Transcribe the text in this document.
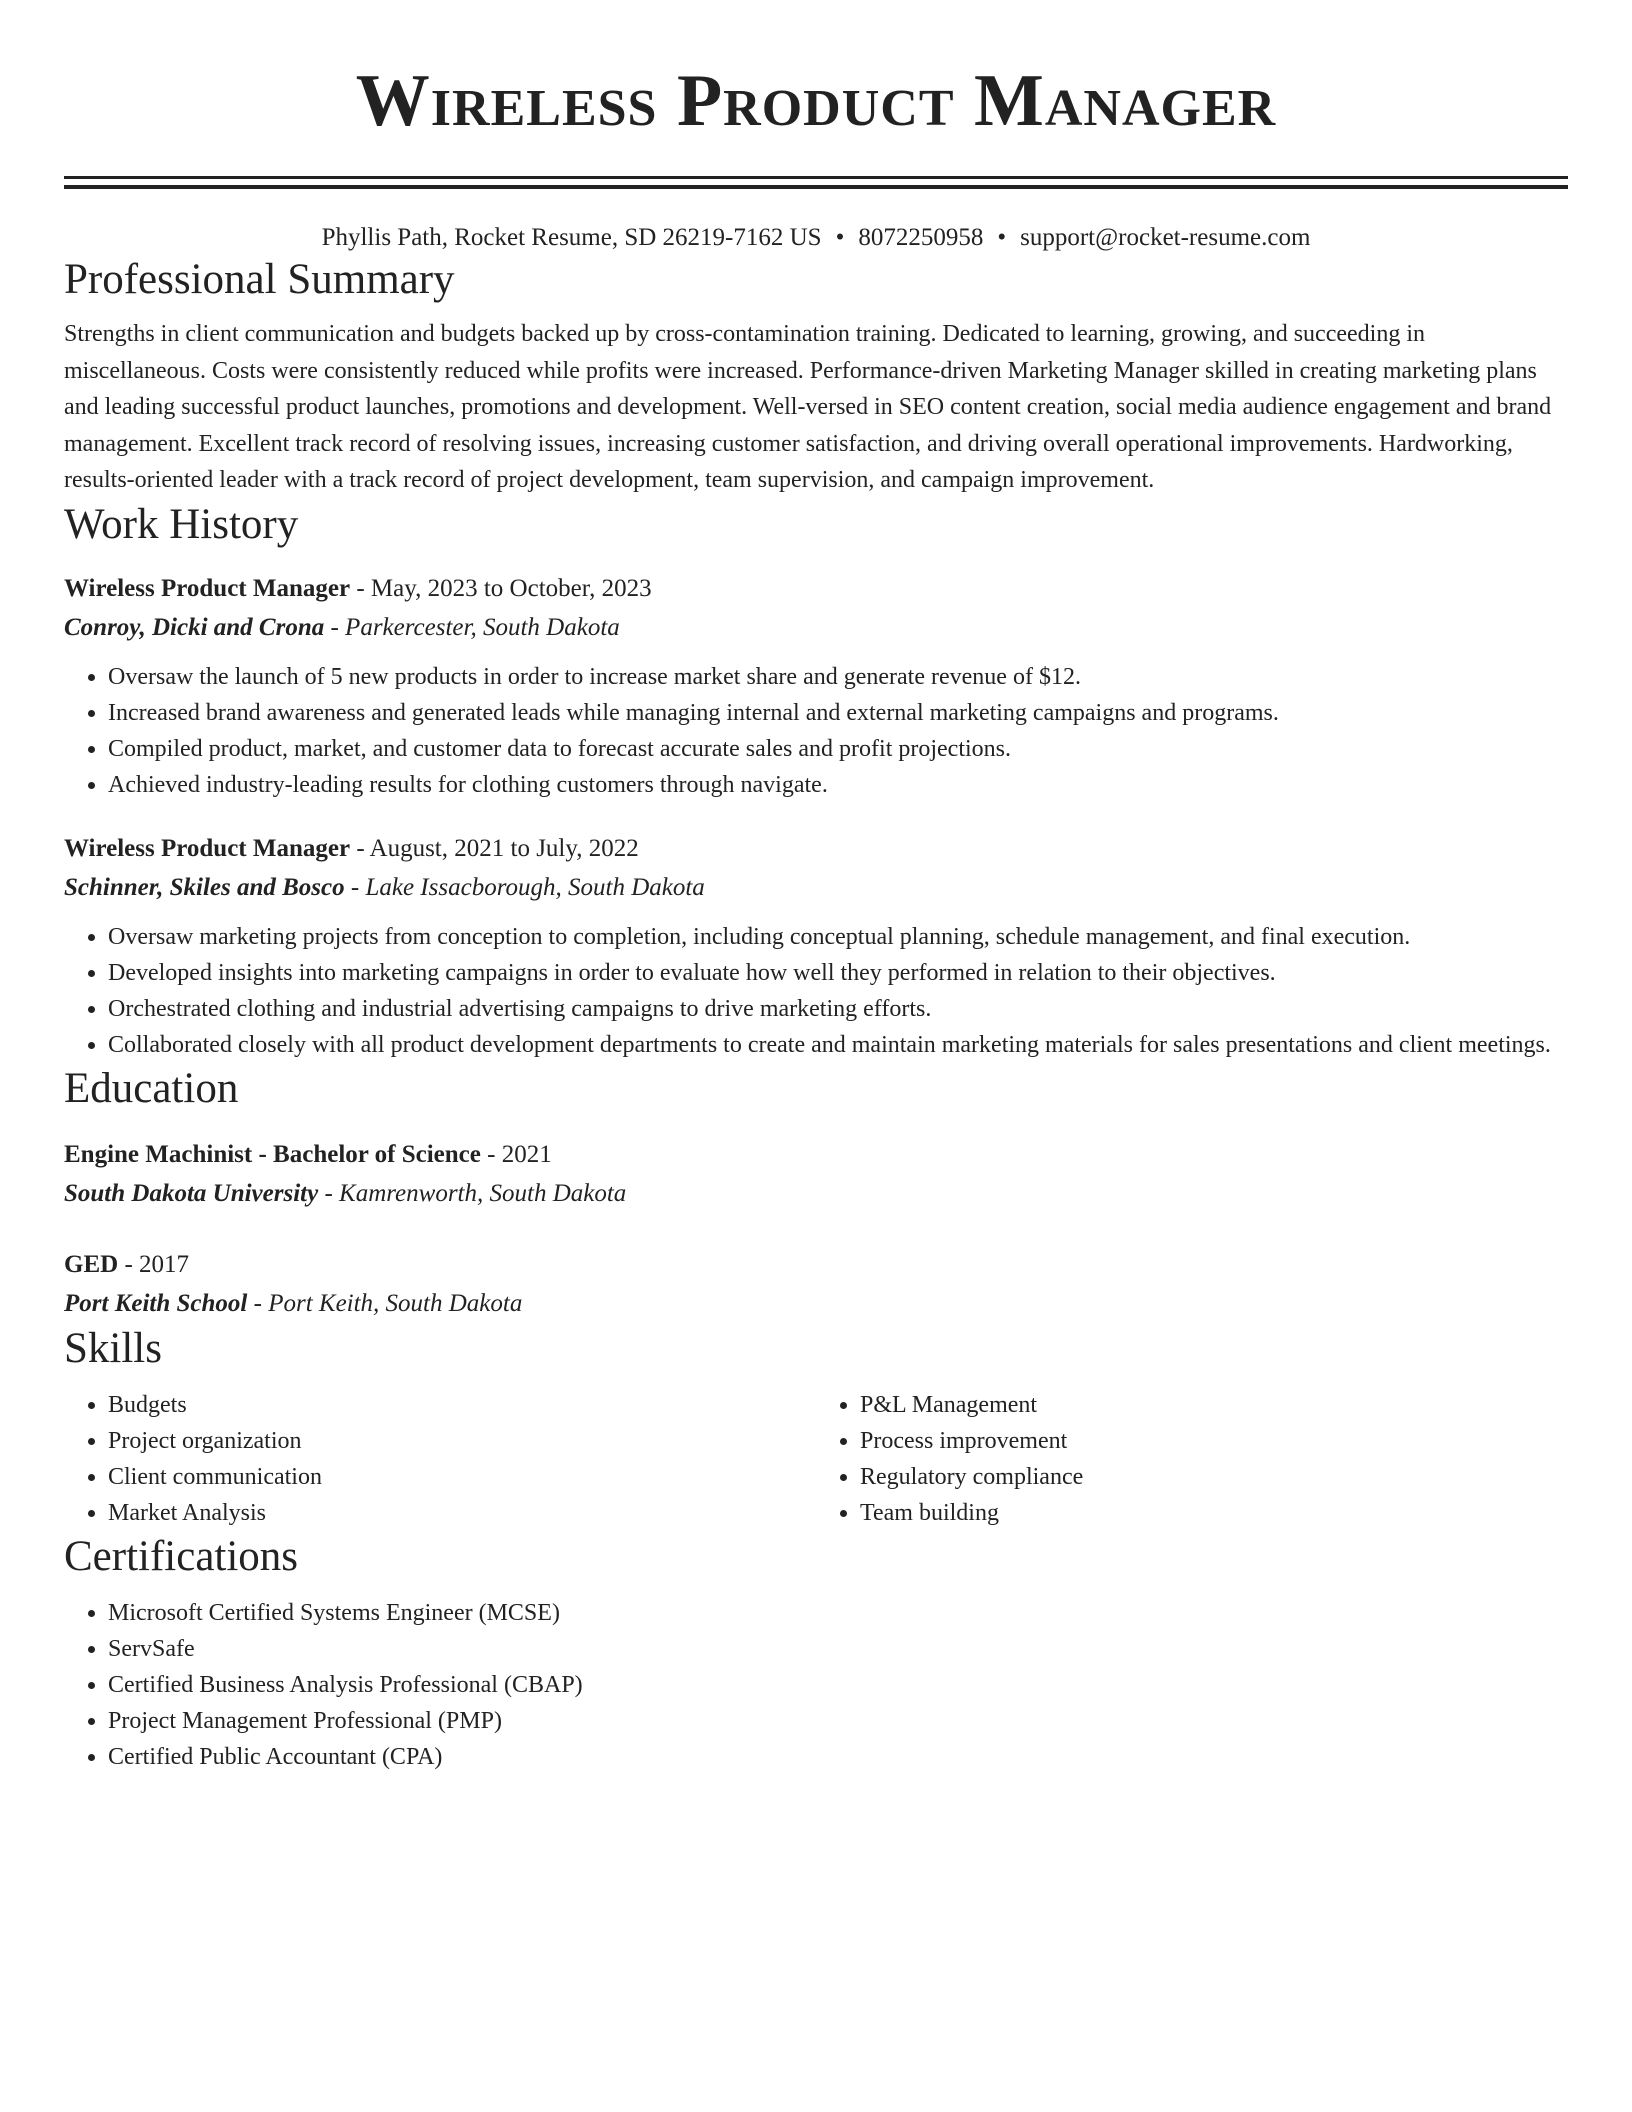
Wireless Product Manager
Phyllis Path, Rocket Resume, SD 26219-7162 US • 8072250958 • support@rocket-resume.com
Professional Summary
Strengths in client communication and budgets backed up by cross-contamination training. Dedicated to learning, growing, and succeeding in miscellaneous. Costs were consistently reduced while profits were increased. Performance-driven Marketing Manager skilled in creating marketing plans and leading successful product launches, promotions and development. Well-versed in SEO content creation, social media audience engagement and brand management. Excellent track record of resolving issues, increasing customer satisfaction, and driving overall operational improvements. Hardworking, results-oriented leader with a track record of project development, team supervision, and campaign improvement.
Work History
Wireless Product Manager - May, 2023 to October, 2023
Conroy, Dicki and Crona - Parkercester, South Dakota
• Oversaw the launch of 5 new products in order to increase market share and generate revenue of $12.
• Increased brand awareness and generated leads while managing internal and external marketing campaigns and programs.
• Compiled product, market, and customer data to forecast accurate sales and profit projections.
• Achieved industry-leading results for clothing customers through navigate.
Wireless Product Manager - August, 2021 to July, 2022
Schinner, Skiles and Bosco - Lake Issacborough, South Dakota
• Oversaw marketing projects from conception to completion, including conceptual planning, schedule management, and final execution.
• Developed insights into marketing campaigns in order to evaluate how well they performed in relation to their objectives.
• Orchestrated clothing and industrial advertising campaigns to drive marketing efforts.
• Collaborated closely with all product development departments to create and maintain marketing materials for sales presentations and client meetings.
Education
Engine Machinist - Bachelor of Science - 2021
South Dakota University - Kamrenworth, South Dakota
GED - 2017
Port Keith School - Port Keith, South Dakota
Skills
• Budgets
• Project organization
• Client communication
• Market Analysis
• P&L Management
• Process improvement
• Regulatory compliance
• Team building
Certifications
• Microsoft Certified Systems Engineer (MCSE)
• ServSafe
• Certified Business Analysis Professional (CBAP)
• Project Management Professional (PMP)
• Certified Public Accountant (CPA)
